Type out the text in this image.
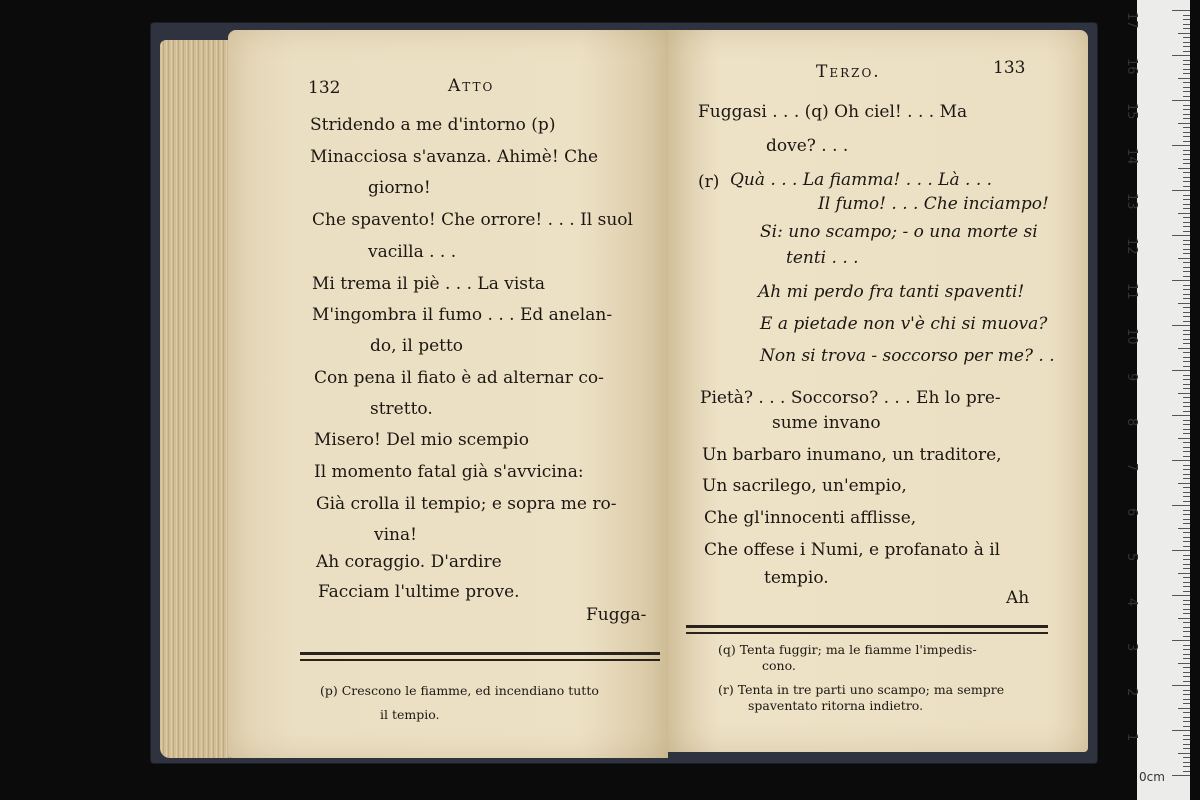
132	Atto
Stridendo a me d'intorno (p)
Minacciosa s'avanza. Ahimè! Che
giorno!
Che spavento! Che orrore! . . . Il suol
vacilla . . .
Mi trema il piè . . . La vista
M'ingombra il fumo . . . Ed anelan-
do, il petto
Con pena il fiato è ad alternar co-
stretto.
Misero! Del mio scempio
Il momento fatal già s'avvicina:
Già crolla il tempio; e sopra me ro-
vina!
Ah coraggio. D'ardire
Facciam l'ultime prove.
Fugga-
(p) Crescono le fiamme, ed incendiano tutto
il tempio.
Terzo.	133
Fuggasi . . . (q) Oh ciel! . . . Ma
dove? . . .
(r) Quà . . . La fiamma! . . . Là . . .
Il fumo! . . . Che inciampo!
Si: uno scampo; - o una morte si
tenti . . .
Ah mi perdo fra tanti spaventi!
E a pietade non v'è chi si muova?
Non si trova - soccorso per me? . .
Pietà? . . . Soccorso? . . . Eh lo pre-
sume invano
Un barbaro inumano, un traditore,
Un sacrilego, un'empio,
Che gl'innocenti afflisse,
Che offese i Numi, e profanato à il
tempio.
Ah
(q) Tenta fuggir; ma le fiamme l'impedis-
cono.
(r) Tenta in tre parti uno scampo; ma sempre
spaventato ritorna indietro.
17
16
15
14
13
12
11
10
9
8
7
6
5
4
3
2
1
0cm
